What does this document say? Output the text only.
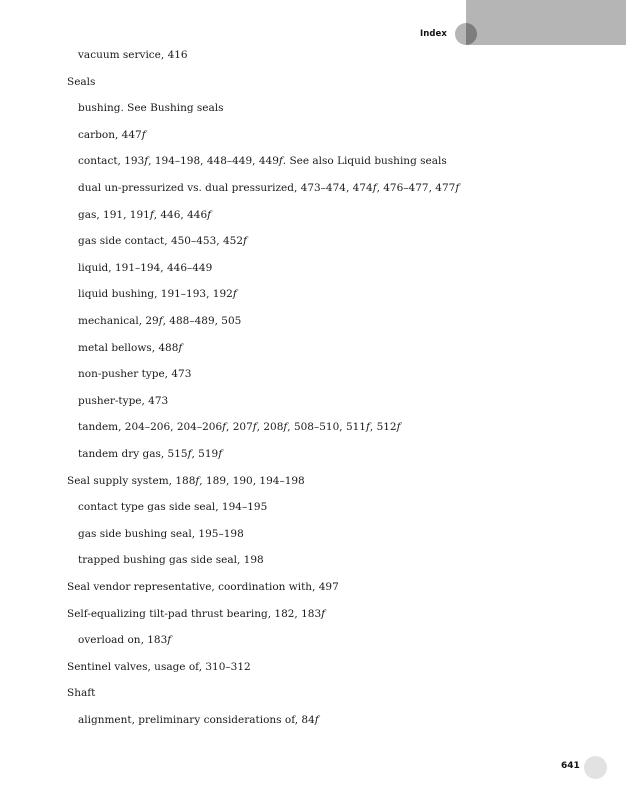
Index
vacuum service, 416
Seals
bushing. See Bushing seals
carbon, 447f
contact, 193f, 194–198, 448–449, 449f. See also Liquid bushing seals
dual un-pressurized vs. dual pressurized, 473–474, 474f, 476–477, 477f
gas, 191, 191f, 446, 446f
gas side contact, 450–453, 452f
liquid, 191–194, 446–449
liquid bushing, 191–193, 192f
mechanical, 29f, 488–489, 505
metal bellows, 488f
non-pusher type, 473
pusher-type, 473
tandem, 204–206, 204–206f, 207f, 208f, 508–510, 511f, 512f
tandem dry gas, 515f, 519f
Seal supply system, 188f, 189, 190, 194–198
contact type gas side seal, 194–195
gas side bushing seal, 195–198
trapped bushing gas side seal, 198
Seal vendor representative, coordination with, 497
Self-equalizing tilt-pad thrust bearing, 182, 183f
overload on, 183f
Sentinel valves, usage of, 310–312
Shaft
alignment, preliminary considerations of, 84f
641
